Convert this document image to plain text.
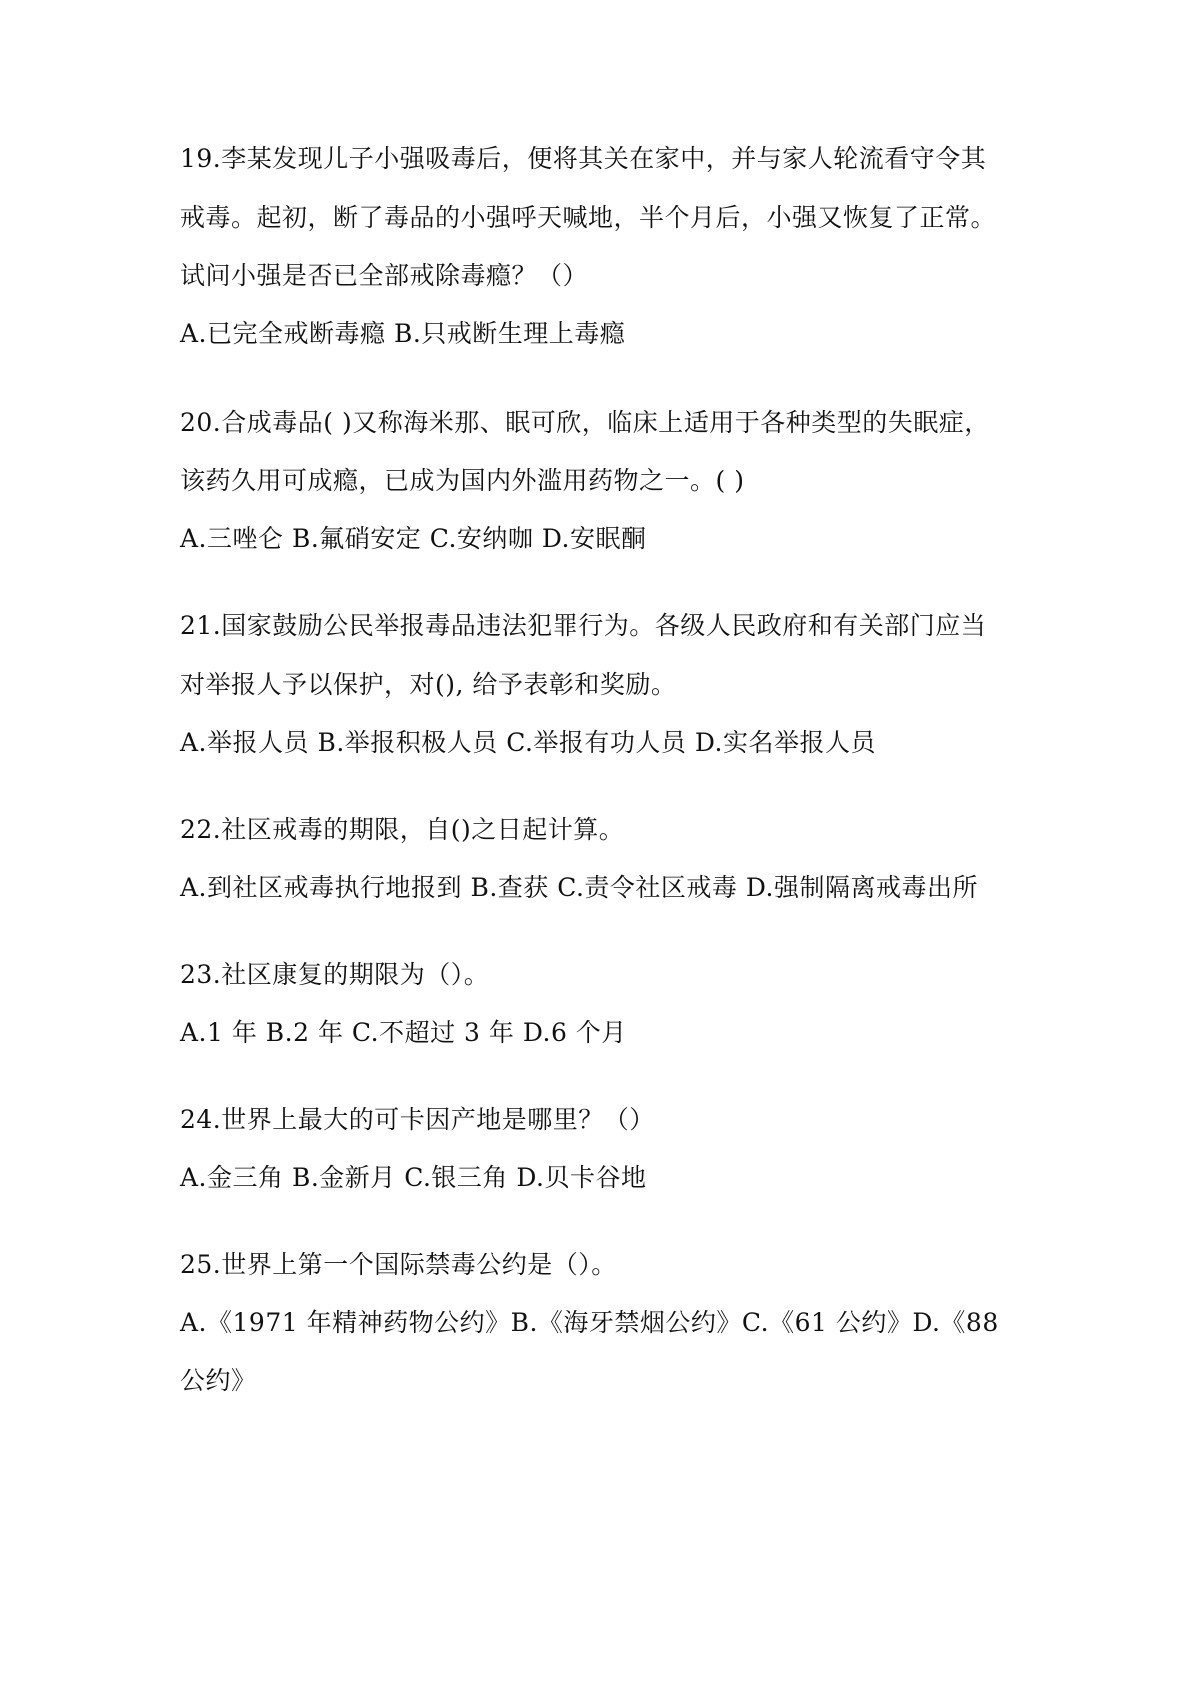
19.李某发现儿子小强吸毒后，便将其关在家中，并与家人轮流看守令其
戒毒。起初，断了毒品的小强呼天喊地，半个月后，小强又恢复了正常。
试问小强是否已全部戒除毒瘾？（）
A.已完全戒断毒瘾 B.只戒断生理上毒瘾
20.合成毒品( )又称海米那、眠可欣，临床上适用于各种类型的失眠症，
该药久用可成瘾，已成为国内外滥用药物之一。( )
A.三唑仑 B.氟硝安定 C.安纳咖 D.安眠酮
21.国家鼓励公民举报毒品违法犯罪行为。各级人民政府和有关部门应当
对举报人予以保护，对(), 给予表彰和奖励。
A.举报人员 B.举报积极人员 C.举报有功人员 D.实名举报人员
22.社区戒毒的期限，自()之日起计算。
A.到社区戒毒执行地报到 B.查获 C.责令社区戒毒 D.强制隔离戒毒出所
23.社区康复的期限为（）。
A.1 年 B.2 年 C.不超过 3 年 D.6 个月
24.世界上最大的可卡因产地是哪里？（）
A.金三角 B.金新月 C.银三角 D.贝卡谷地
25.世界上第一个国际禁毒公约是（）。
A.《1971 年精神药物公约》B.《海牙禁烟公约》C.《61 公约》D.《88
公约》
